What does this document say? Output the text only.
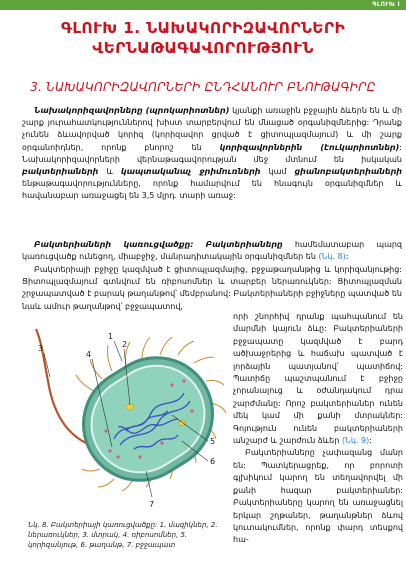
ԳԼՈՒԽ I
ԳԼՈՒԽ 1. ՆԱԽԱԿՈՐԻԶԱՎՈՐՆԵՐԻ
ՎԵՐՆԱԹԱԳԱՎՈՐՈՒԹՅՈՒՆ
3. ՆԱԽԱԿՈՐԻԶԱՎՈՐՆԵՐԻ ԸՆԴՀԱՆՈՒՐ ԲՆՈՒԹԱԳԻՐԸ

Նախակորիզավորները (պրոկարիոտներ) կյանքի առաջին բջջային ձևերն են և մի շարք յուրահատկություններով խիստ տարբերվում են մնացած օրգանիզմներից: Դրանք չունեն ձևավորված կորիզ (կորիզավոր ցրված է ցիտոպլազմայում) և մի շարք օրգանոիդներ, որոնք բնորոշ են կորիզավորներին (էուկարիոտներ): Նախակորիզավորների վերնաթագավորության մեջ մտնում են իսկական բակտերիաների և կապտականաչ ջրիմուռների կամ ցիանոբակտերիաների ենթաթագավորությունները, որոնք համարվում են հնագույն օրգանիզմներ և հավանաբար առաջացել են 3,5 մլրդ. տարի առաջ:

Բակտերիաների կառուցվածքը: Բակտերիաները համեմատաբար պարզ կառուցվածք ունեցող, միաբջիջ, մանրադիտակային օրգանիզմներ են (Նկ. 8):

Բակտերիայի բջիջը կազմված է ցիտոպլազմայից, բջջաթաղանթից և կորիզանյութից: Ցիտոպլազմայում գտնվում են ռիբոսոմներ և տարբեր ներառուկներ: Ցիտոպլազման շրջապատված է բարակ թաղանթով՝ մեմբրանով: Բակտերիաների բջիջները պատված են նաև ամուր թաղանթով՝ բջջապատով,

1
2
3
4
5
6
7
Նկ. 8. Բակտերիայի կառուցվածքը: 1. մազիկներ, 2. ներառուկներ, 3. մտրակ, 4. ռիբոսոմներ, 5. կորիզանյութ, 6. թաղանթ, 7. բջջապատ

որի շնորհիվ դրանք պահպանում են մարմնի կայուն ձևը: Բակտերիաների բջջապատը կազմված է բարդ ածխաջրերից և հաճախ պատված է լորձային պատյանով՝ պատիճով: Պատիճը պաշտպանում է բջիջը չորանալուց և օժանդակում դրա շարժմանը: Որոշ բակտերիաներ ունեն մեկ կամ մի քանի մտրակներ: Գոյություն ունեն բակտերիաների անշարժ և շարժուն ձևեր (Նկ. 9):

Բակտերիաները չափազանց մանր են: Պատկերացրեք, որ բորոտի գլխիկում կարող են տեղավորվել մի քանի հազար բակտերիաներ: Բակտերիաները կարող են առաջացնել երկար շղթաներ, թաղանթներ ձևով կուտակումներ, որոնք փարդ տեսքով հա-
